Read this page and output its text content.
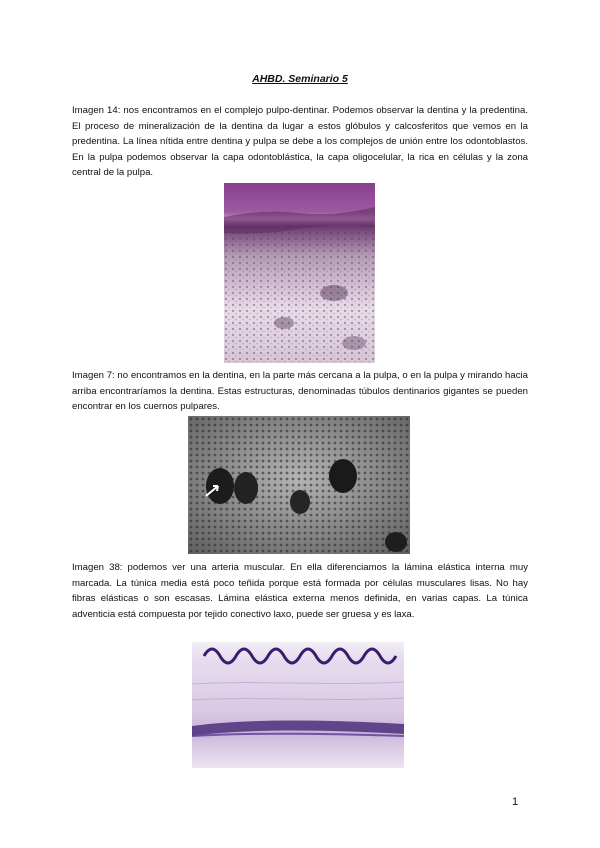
AHBD. Seminario 5

Imagen 14: nos encontramos en el complejo pulpo-dentinar. Podemos observar la dentina y la predentina. El proceso de mineralización de la dentina da lugar a estos glóbulos y calcosferitos que vemos en la predentina. La línea nítida entre dentina y pulpa se debe a los complejos de unión entre los odontoblastos. En la pulpa podemos observar la capa odontoblástica, la capa oligocelular, la rica en células y la zona central de la pulpa.

Imagen 7: no encontramos en la dentina, en la parte más cercana a la pulpa, o en la pulpa y mirando hacia arriba encontraríamos la dentina. Estas estructuras, denominadas túbulos dentinarios gigantes se pueden encontrar en los cuernos pulpares.

Imagen 38: podemos ver una arteria muscular. En ella diferenciamos la lámina elástica interna muy marcada. La túnica media está poco teñida porque está formada por células musculares lisas. No hay fibras elásticas o son escasas. Lámina elástica externa menos definida, en varias capas. La túnica adventicia está compuesta por tejido conectivo laxo, puede ser gruesa y es laxa.

1
